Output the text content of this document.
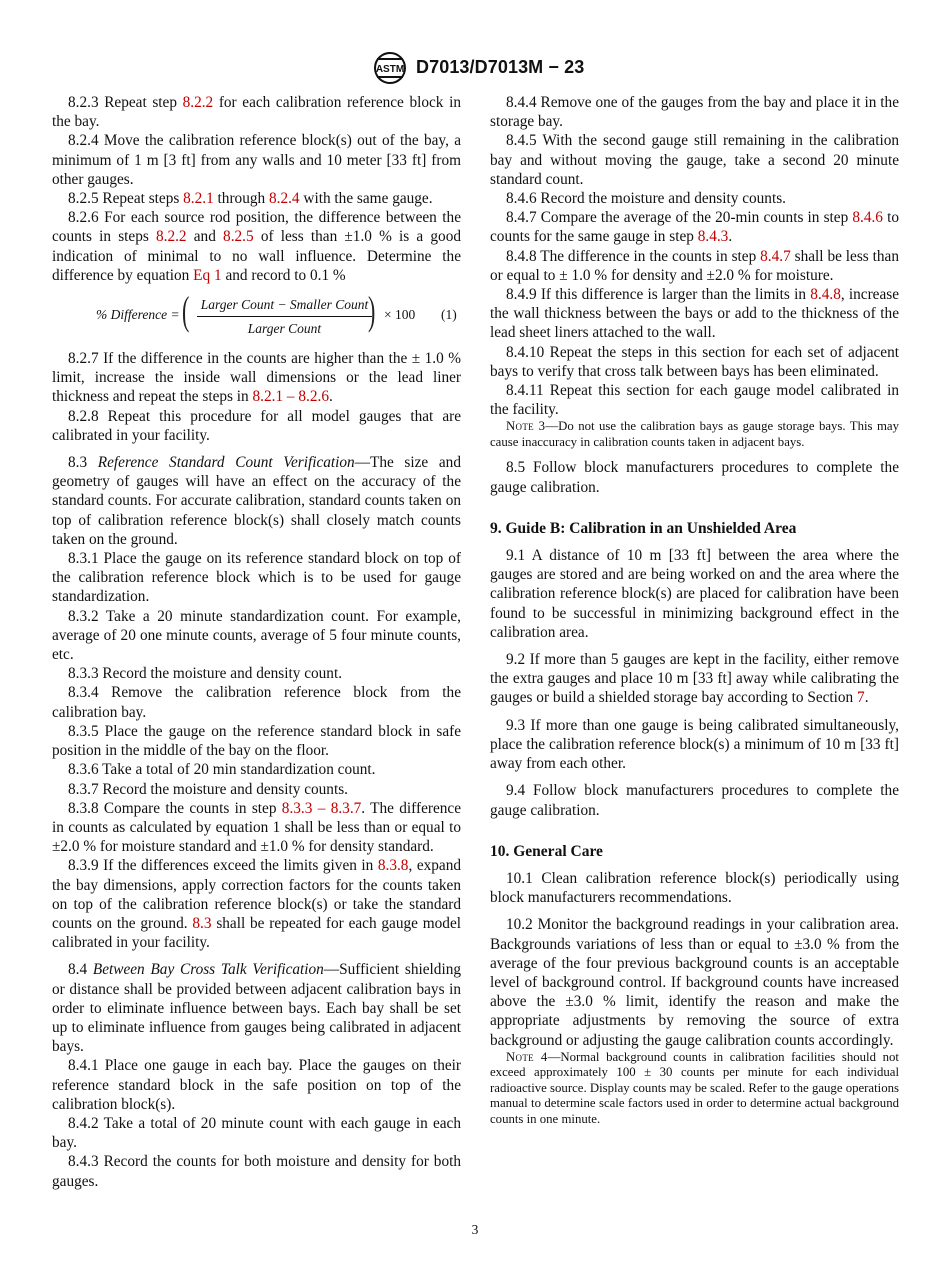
ASTM D7013/D7013M − 23

8.2.3 Repeat step 8.2.2 for each calibration reference block in the bay.

8.2.4 Move the calibration reference block(s) out of the bay, a minimum of 1 m [3 ft] from any walls and 10 meter [33 ft] from other gauges.

8.2.5 Repeat steps 8.2.1 through 8.2.4 with the same gauge.

8.2.6 For each source rod position, the difference between the counts in steps 8.2.2 and 8.2.5 of less than ±1.0 % is a good indication of minimal to no wall influence. Determine the difference by equation Eq 1 and record to 0.1 %

% Difference = ( Larger Count − Smaller Count
Larger Count	) × 100 (1)

8.2.7 If the difference in the counts are higher than the ± 1.0 % limit, increase the inside wall dimensions or the lead liner thickness and repeat the steps in 8.2.1 – 8.2.6.

8.2.8 Repeat this procedure for all model gauges that are calibrated in your facility.

8.3 Reference Standard Count Verification—The size and geometry of gauges will have an effect on the accuracy of the standard counts. For accurate calibration, standard counts taken on top of calibration reference block(s) shall closely match counts taken on the ground.

8.3.1 Place the gauge on its reference standard block on top of the calibration reference block which is to be used for gauge standardization.

8.3.2 Take a 20 minute standardization count. For example, average of 20 one minute counts, average of 5 four minute counts, etc.

8.3.3 Record the moisture and density count.

8.3.4 Remove the calibration reference block from the calibration bay.

8.3.5 Place the gauge on the reference standard block in safe position in the middle of the bay on the floor.

8.3.6 Take a total of 20 min standardization count.

8.3.7 Record the moisture and density counts.

8.3.8 Compare the counts in step 8.3.3 – 8.3.7. The difference in counts as calculated by equation 1 shall be less than or equal to ±2.0 % for moisture standard and ±1.0 % for density standard.

8.3.9 If the differences exceed the limits given in 8.3.8, expand the bay dimensions, apply correction factors for the counts taken on top of the calibration reference block(s) or take the standard counts on the ground. 8.3 shall be repeated for each gauge model calibrated in your facility.

8.4 Between Bay Cross Talk Verification—Sufficient shielding or distance shall be provided between adjacent calibration bays in order to eliminate influence between bays. Each bay shall be set up to eliminate influence from gauges being calibrated in adjacent bays.

8.4.1 Place one gauge in each bay. Place the gauges on their reference standard block in the safe position on top of the calibration block(s).

8.4.2 Take a total of 20 minute count with each gauge in each bay.

8.4.3 Record the counts for both moisture and density for both gauges.

8.4.4 Remove one of the gauges from the bay and place it in the storage bay.

8.4.5 With the second gauge still remaining in the calibration bay and without moving the gauge, take a second 20 minute standard count.

8.4.6 Record the moisture and density counts.

8.4.7 Compare the average of the 20-min counts in step 8.4.6 to counts for the same gauge in step 8.4.3.

8.4.8 The difference in the counts in step 8.4.7 shall be less than or equal to ± 1.0 % for density and ±2.0 % for moisture.

8.4.9 If this difference is larger than the limits in 8.4.8, increase the wall thickness between the bays or add to the thickness of the lead sheet liners attached to the wall.

8.4.10 Repeat the steps in this section for each set of adjacent bays to verify that cross talk between bays has been eliminated.

8.4.11 Repeat this section for each gauge model calibrated in the facility.

Note 3—Do not use the calibration bays as gauge storage bays. This may cause inaccuracy in calibration counts taken in adjacent bays.

8.5 Follow block manufacturers procedures to complete the gauge calibration.

9. Guide B: Calibration in an Unshielded Area

9.1 A distance of 10 m [33 ft] between the area where the gauges are stored and are being worked on and the area where the calibration reference block(s) are placed for calibration have been found to be successful in minimizing background effect in the calibration area.

9.2 If more than 5 gauges are kept in the facility, either remove the extra gauges and place 10 m [33 ft] away while calibrating the gauges or build a shielded storage bay according to Section 7.

9.3 If more than one gauge is being calibrated simultaneously, place the calibration reference block(s) a minimum of 10 m [33 ft] away from each other.

9.4 Follow block manufacturers procedures to complete the gauge calibration.

10. General Care

10.1 Clean calibration reference block(s) periodically using block manufacturers recommendations.

10.2 Monitor the background readings in your calibration area. Backgrounds variations of less than or equal to ±3.0 % from the average of the four previous background counts is an acceptable level of background control. If background counts have increased above the ±3.0 % limit, identify the reason and make the appropriate adjustments by removing the source of extra background or adjusting the gauge calibration counts accordingly.

Note 4—Normal background counts in calibration facilities should not exceed approximately 100 ± 30 counts per minute for each individual radioactive source. Display counts may be scaled. Refer to the gauge operations manual to determine scale factors used in order to determine actual background counts in one minute.

3
